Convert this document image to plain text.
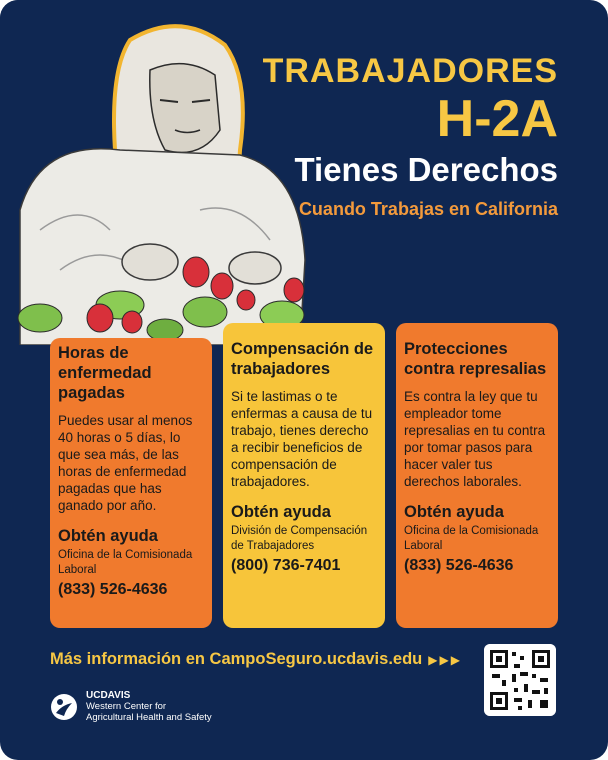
TRABAJADORES
H-2A
Tienes Derechos
Cuando Trabajas en California
Horas de enfermedad pagadas

Puedes usar al menos 40 horas o 5 días, lo que sea más, de las horas de enfermedad pagadas que has ganado por año.

Obtén ayuda
Oficina de la Comisionada Laboral
(833) 526-4636
Compensación de trabajadores

Si te lastimas o te enfermas a causa de tu trabajo, tienes derecho a recibir beneficios de compensación de trabajadores.

Obtén ayuda
División de Compensación de Trabajadores
(800) 736-7401
Protecciones contra represalias

Es contra la ley que tu empleador tome represalias en tu contra por tomar pasos para hacer valer tus derechos laborales.

Obtén ayuda
Oficina de la Comisionada Laboral
(833) 526-4636
Más información en CampoSeguro.ucdavis.edu ▶▶▶
UCDAVIS
Western Center for
Agricultural Health and Safety
